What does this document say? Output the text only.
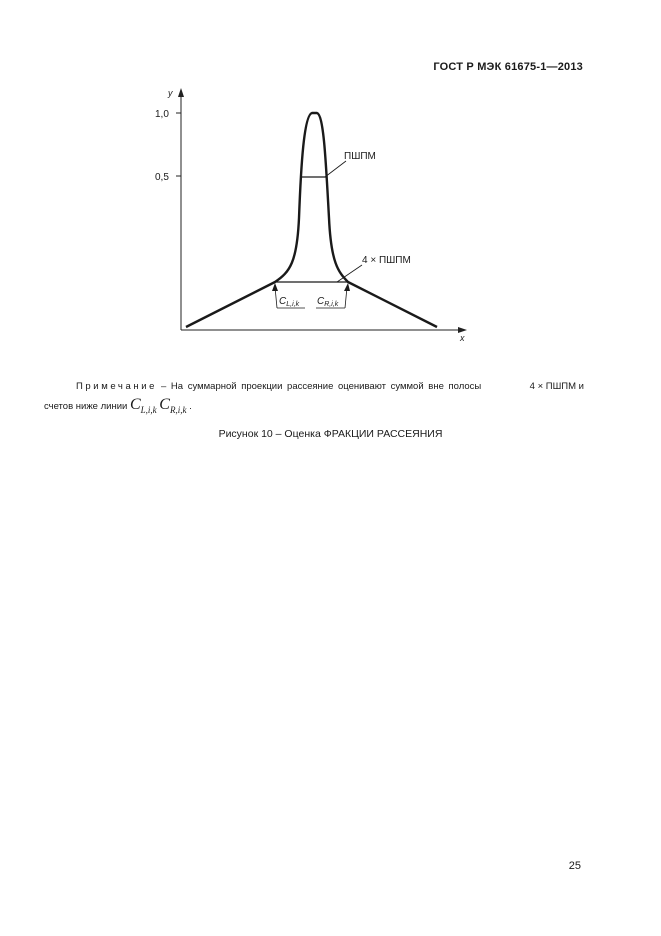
ГОСТ Р МЭК 61675-1—2013
y
x
1,0
0,5
ПШПМ
4 × ПШПМ
$C_{L,i,k}$ $C_{R,i,k}$
Примечание – На суммарной проекции рассеяние оценивают суммой вне полосы	4 × ПШПМ и
счетов ниже линии $C_{L,i,k}$ $C_{R,i,k}$ .
Рисунок 10 – Оценка ФРАКЦИИ РАССЕЯНИЯ
25
